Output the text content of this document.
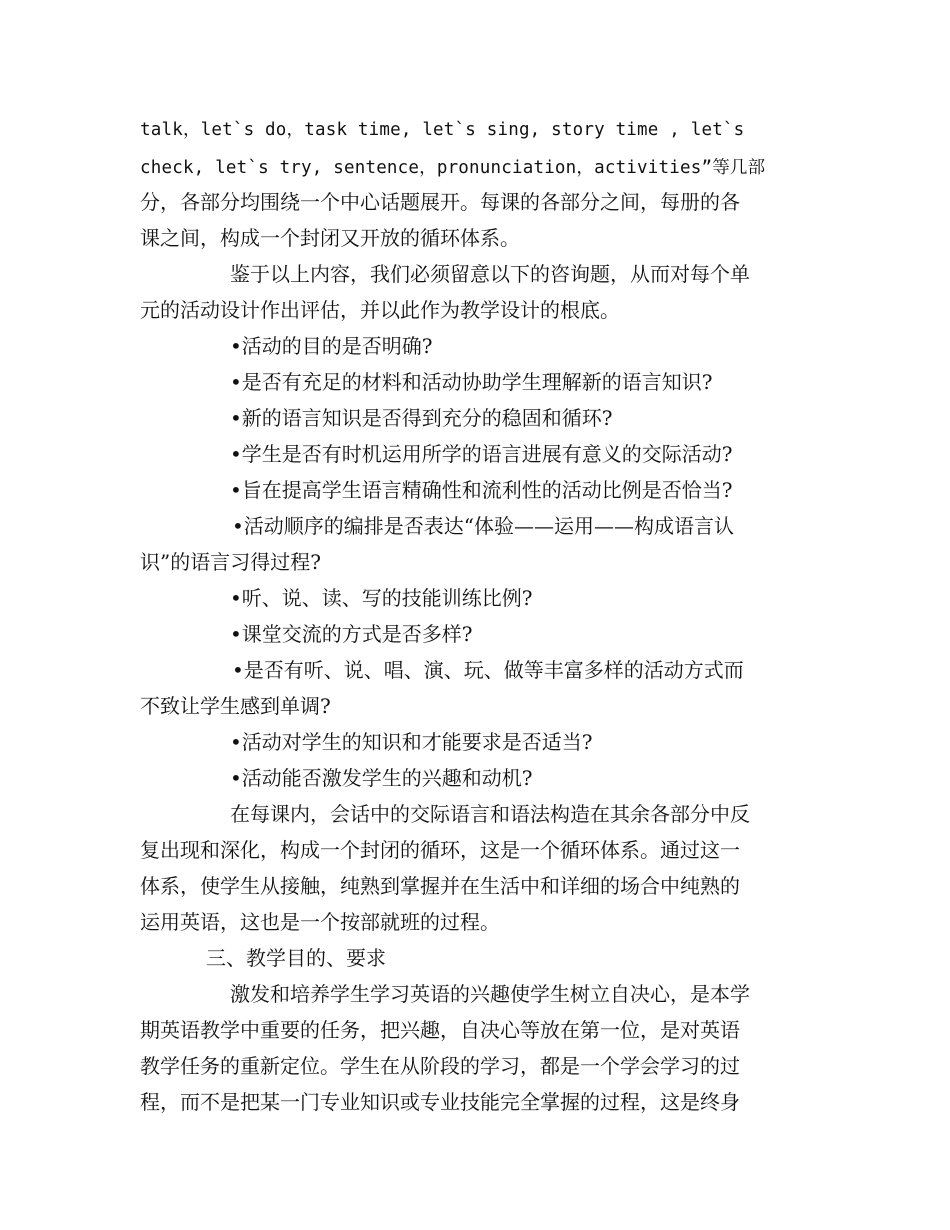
talk，let`s do，task time, let`s sing, story time , let`s
check, let`s try, sentence，pronunciation，activities”等几部
分，各部分均围绕一个中心话题展开。每课的各部分之间，每册的各
课之间，构成一个封闭又开放的循环体系。
鉴于以上内容，我们必须留意以下的咨询题，从而对每个单
元的活动设计作出评估，并以此作为教学设计的根底。
•活动的目的是否明确?
•是否有充足的材料和活动协助学生理解新的语言知识?
•新的语言知识是否得到充分的稳固和循环?
•学生是否有时机运用所学的语言进展有意义的交际活动?
•旨在提高学生语言精确性和流利性的活动比例是否恰当?
•活动顺序的编排是否表达“体验——运用——构成语言认
识”的语言习得过程?
•听、说、读、写的技能训练比例?
•课堂交流的方式是否多样?
•是否有听、说、唱、演、玩、做等丰富多样的活动方式而
不致让学生感到单调?
•活动对学生的知识和才能要求是否适当?
•活动能否激发学生的兴趣和动机?
在每课内，会话中的交际语言和语法构造在其余各部分中反
复出现和深化，构成一个封闭的循环，这是一个循环体系。通过这一
体系，使学生从接触，纯熟到掌握并在生活中和详细的场合中纯熟的
运用英语，这也是一个按部就班的过程。
三、教学目的、要求
激发和培养学生学习英语的兴趣使学生树立自决心，是本学
期英语教学中重要的任务，把兴趣，自决心等放在第一位，是对英语
教学任务的重新定位。学生在从阶段的学习，都是一个学会学习的过
程，而不是把某一门专业知识或专业技能完全掌握的过程，这是终身
